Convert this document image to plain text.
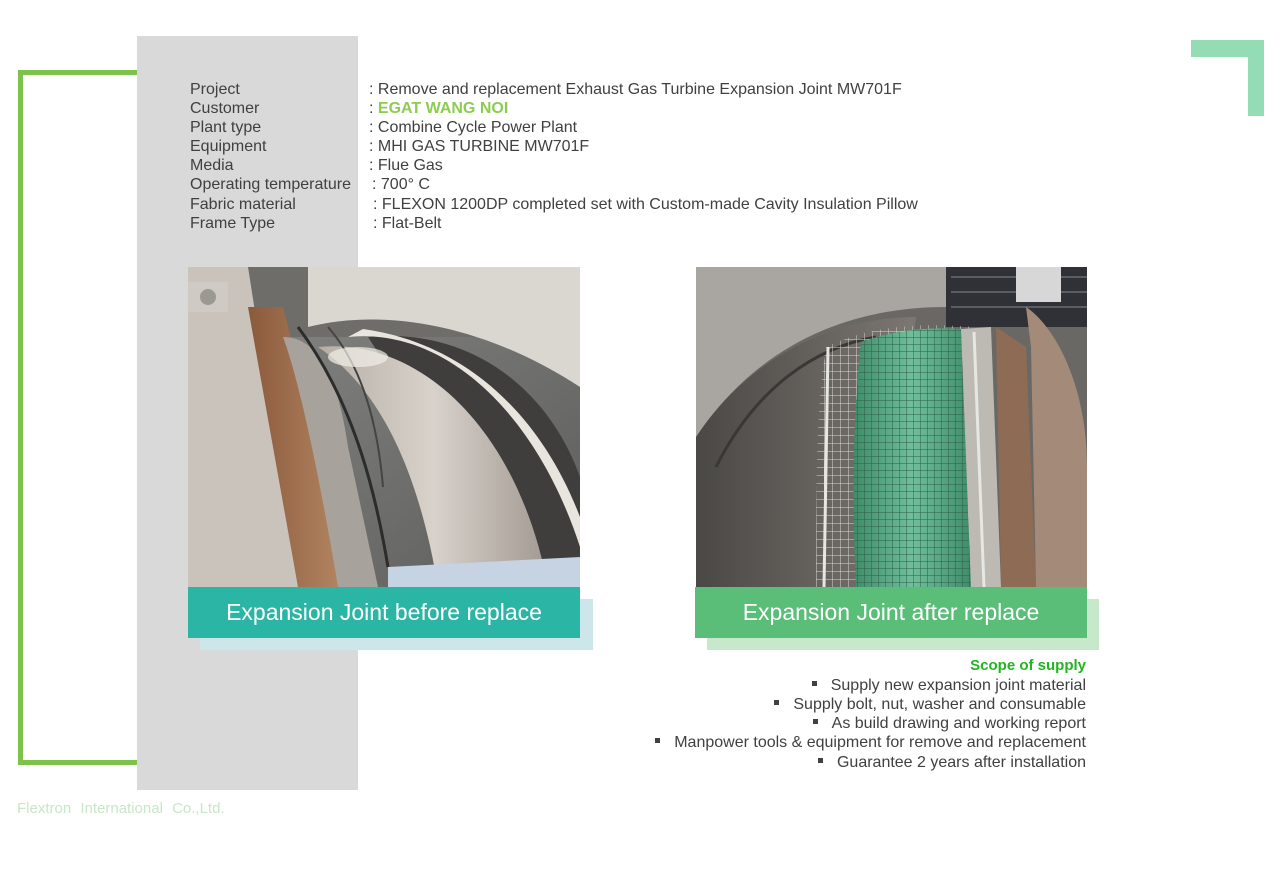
Project	: Remove and replacement Exhaust Gas Turbine Expansion Joint MW701F
Customer	: EGAT WANG NOI
Plant type	: Combine Cycle Power Plant
Equipment	: MHI GAS TURBINE MW701F
Media	: Flue Gas
Operating temperature : 700° C
Fabric material	: FLEXON 1200DP completed set with Custom-made Cavity Insulation Pillow
Frame Type	: Flat-Belt
Expansion Joint before replace	Expansion Joint after replace
Scope of supply
Supply new expansion joint material
Supply bolt, nut, washer and consumable
As build drawing and working report
Manpower tools & equipment for remove and replacement
Guarantee 2 years after installation
Flextron International Co.,Ltd.
